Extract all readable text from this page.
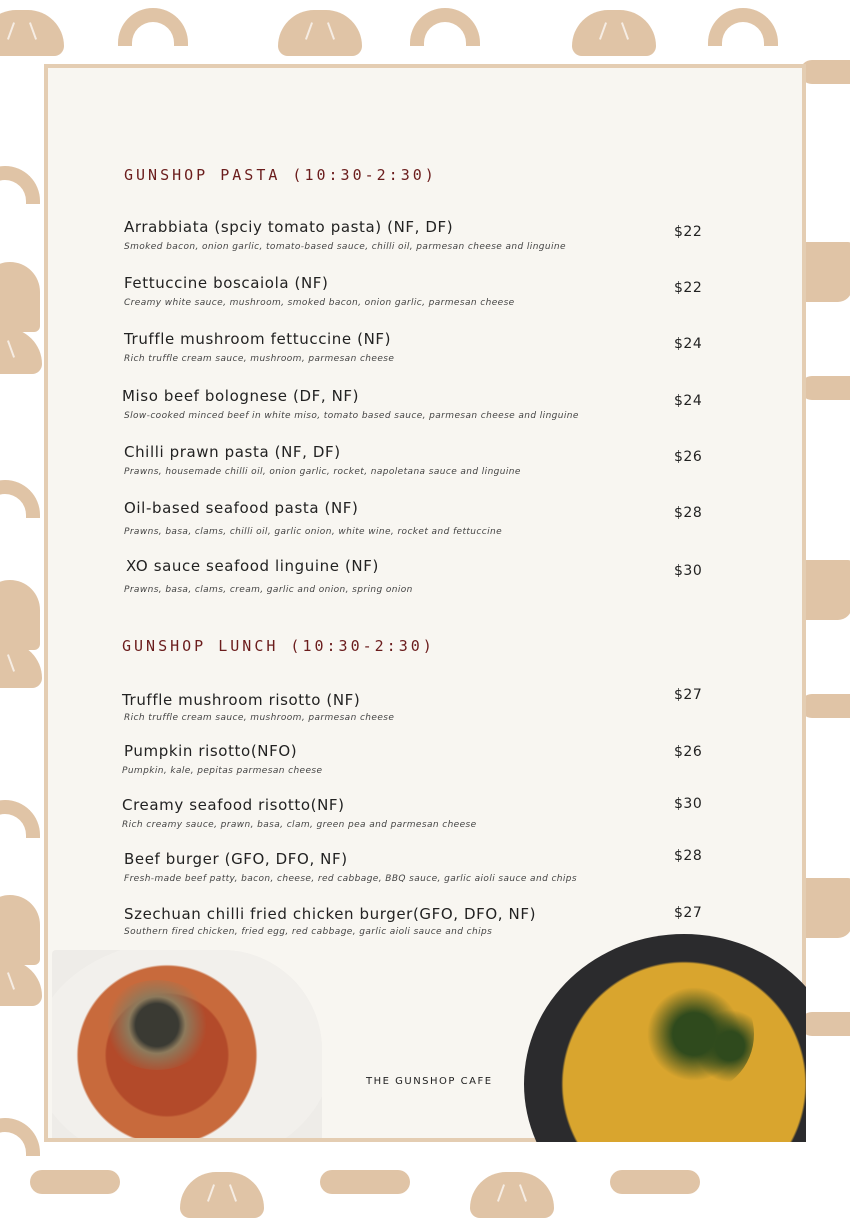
GUNSHOP PASTA (10:30-2:30)
Arrabbiata (spciy tomato pasta) (NF, DF)
Smoked bacon, onion garlic, tomato-based sauce, chilli oil, parmesan cheese and linguine
$22
Fettuccine boscaiola (NF)
Creamy white sauce, mushroom, smoked bacon, onion garlic, parmesan cheese
$22
Truffle mushroom fettuccine (NF)
Rich truffle cream sauce, mushroom, parmesan cheese
$24
Miso beef bolognese (DF, NF)
Slow-cooked minced beef in white miso, tomato based sauce, parmesan cheese and linguine
$24
Chilli prawn pasta (NF, DF)
Prawns, housemade chilli oil, onion garlic, rocket, napoletana sauce and linguine
$26
Oil-based seafood pasta (NF)
Prawns, basa, clams, chilli oil, garlic onion, white wine, rocket and fettuccine
$28
XO sauce seafood linguine (NF)
Prawns, basa, clams, cream, garlic and onion, spring onion
$30
GUNSHOP LUNCH (10:30-2:30)
Truffle mushroom risotto (NF)
Rich truffle cream sauce, mushroom, parmesan cheese
$27
Pumpkin risotto(NFO)
Pumpkin, kale, pepitas parmesan cheese
$26
Creamy seafood risotto(NF)
Rich creamy sauce, prawn, basa, clam, green pea and parmesan cheese
$30
Beef burger (GFO, DFO, NF)
Fresh-made beef patty, bacon, cheese, red cabbage, BBQ sauce, garlic aioli sauce and chips
$28
Szechuan chilli fried chicken burger(GFO, DFO, NF)
Southern fired chicken, fried egg, red cabbage, garlic aioli sauce and chips
$27
THE GUNSHOP CAFE
